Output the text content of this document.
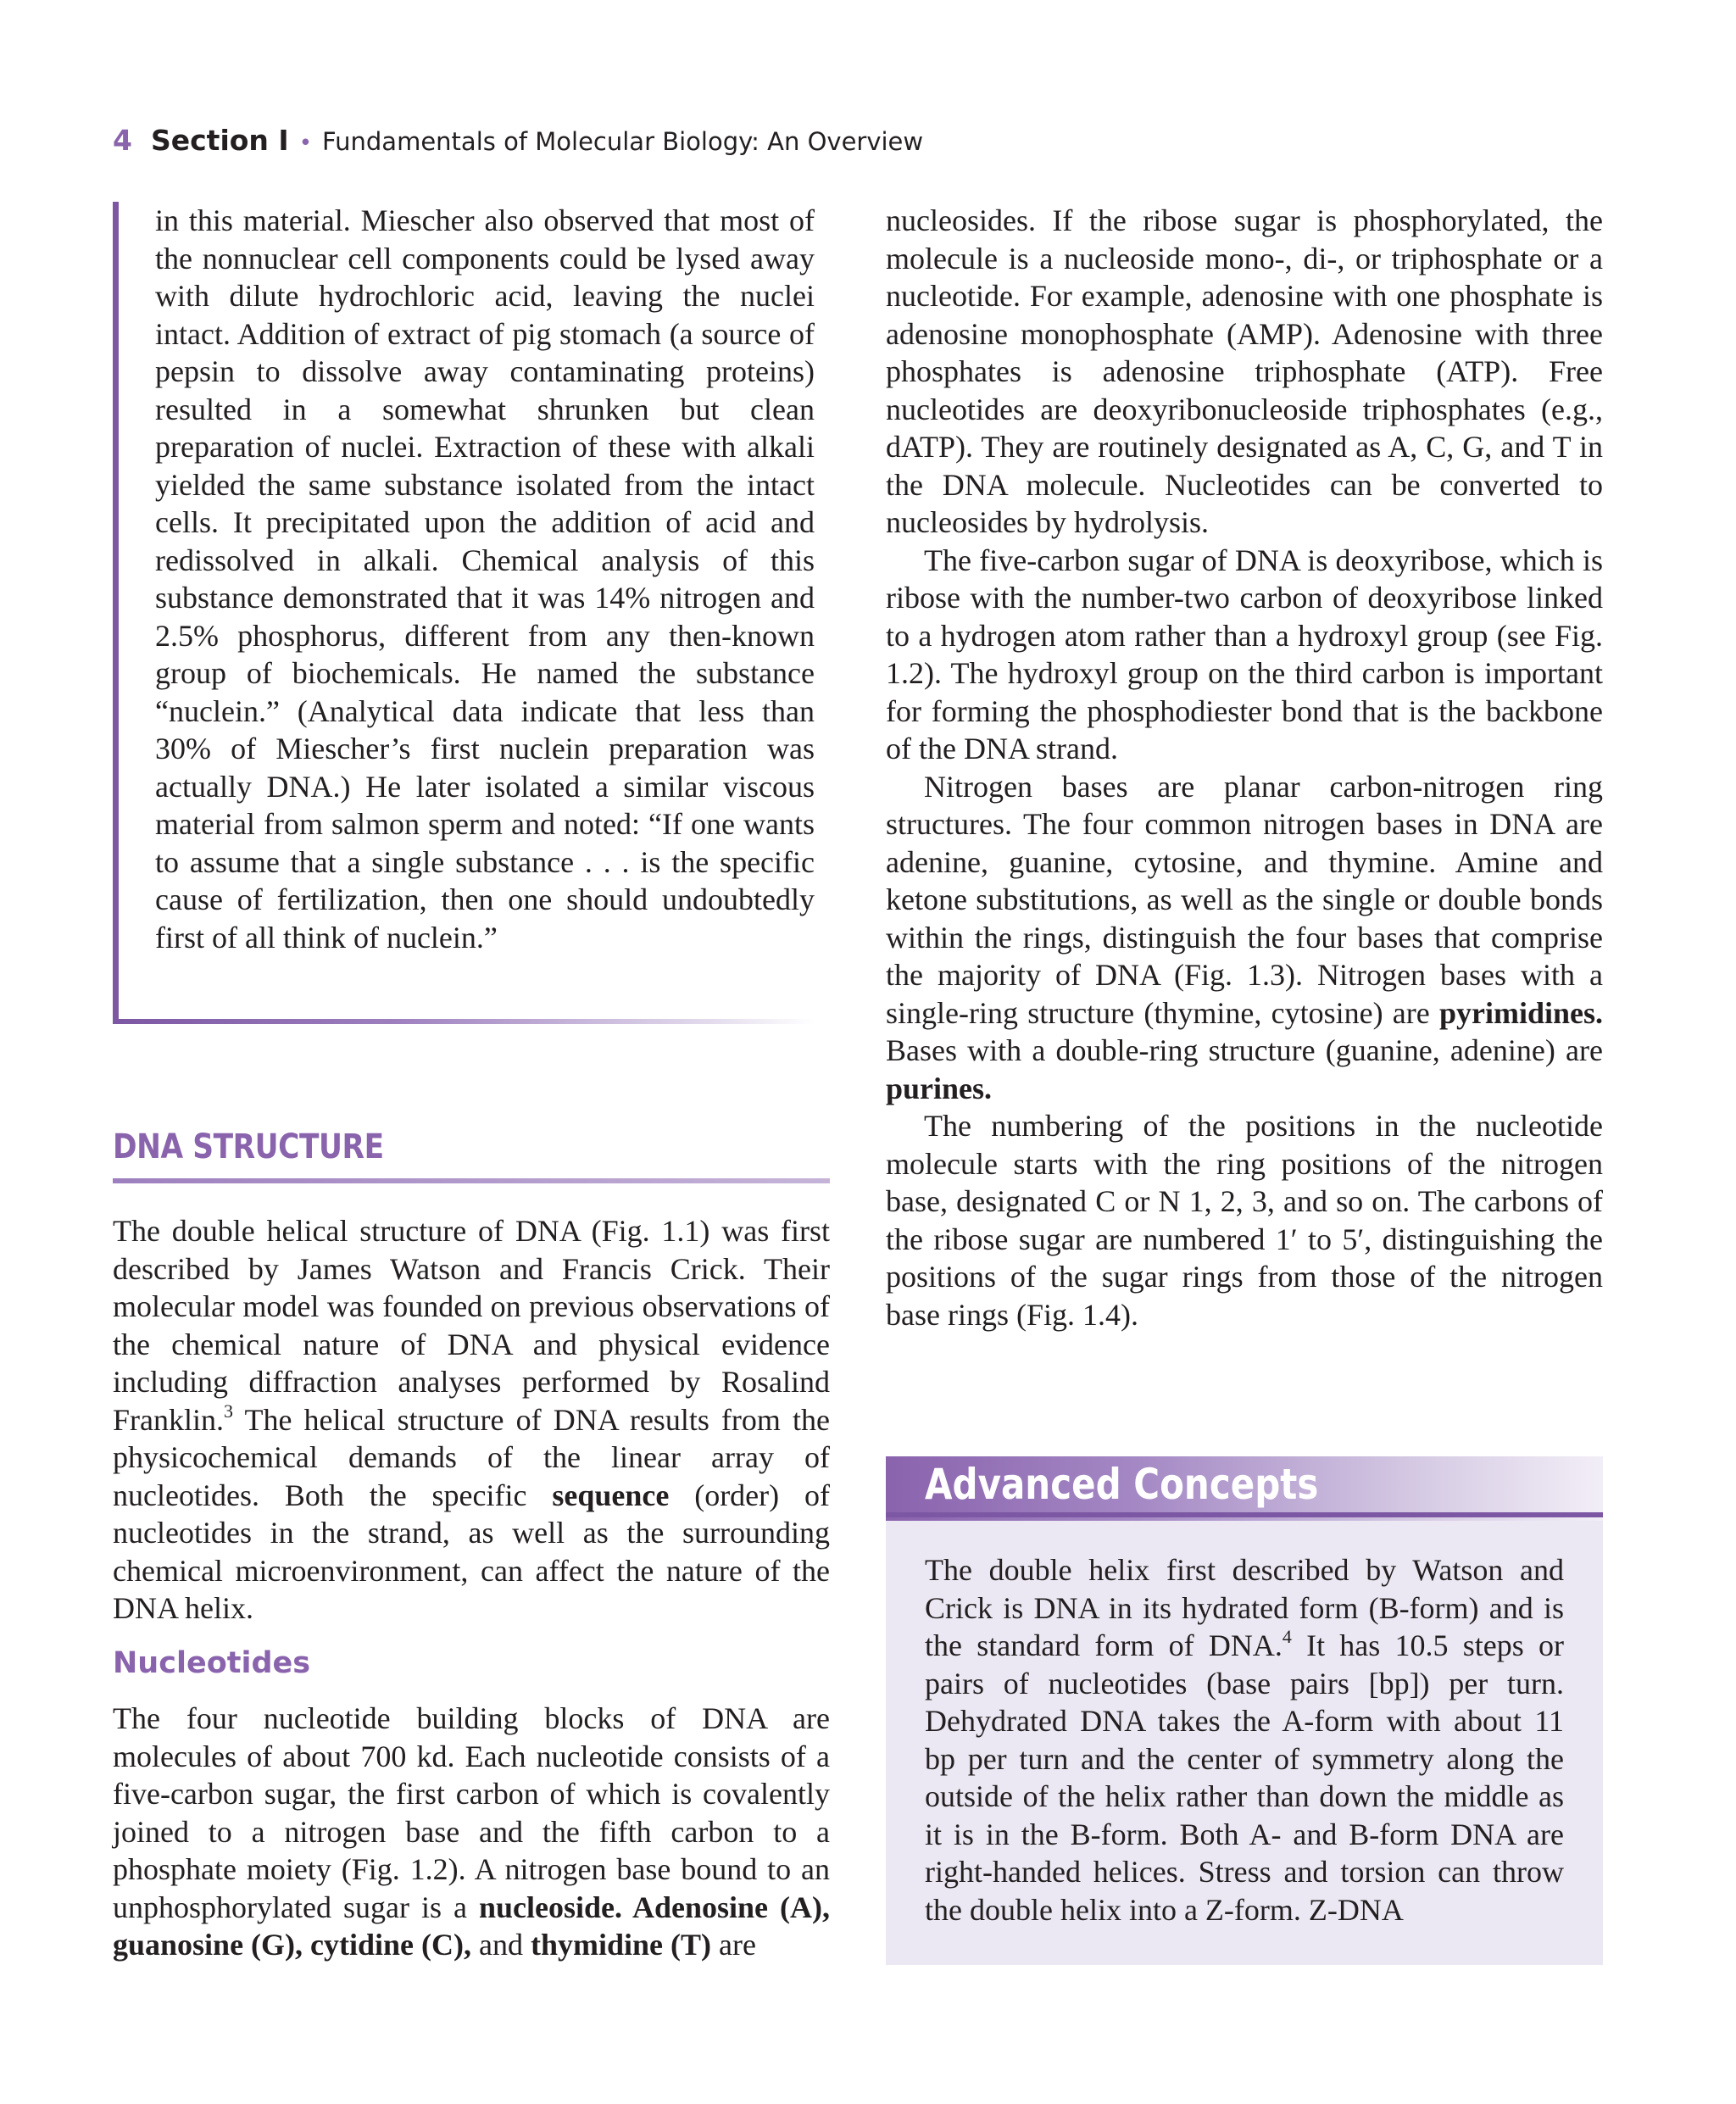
4 Section I • Fundamentals of Molecular Biology: An Overview

in this material. Miescher also observed that most of the nonnuclear cell components could be lysed away with dilute hydrochloric acid, leaving the nuclei intact. Addition of extract of pig stomach (a source of pepsin to dissolve away contaminating proteins) resulted in a somewhat shrunken but clean preparation of nuclei. Extraction of these with alkali yielded the same substance isolated from the intact cells. It precipitated upon the addition of acid and redissolved in alkali. Chemical analysis of this substance demonstrated that it was 14% nitrogen and 2.5% phosphorus, different from any then-known group of biochemicals. He named the substance “nuclein.” (Analytical data indicate that less than 30% of Miescher’s first nuclein preparation was actually DNA.) He later isolated a similar viscous material from salmon sperm and noted: “If one wants to assume that a single substance . . . is the specific cause of fertilization, then one should undoubtedly first of all think of nuclein.”

DNA STRUCTURE

The double helical structure of DNA (Fig. 1.1) was first described by James Watson and Francis Crick. Their molecular model was founded on previous observations of the chemical nature of DNA and physical evidence including diffraction analyses performed by Rosalind Franklin.$^3$ The helical structure of DNA results from the physicochemical demands of the linear array of nucleotides. Both the specific sequence (order) of nucleotides in the strand, as well as the surrounding chemical microenvironment, can affect the nature of the DNA helix.

Nucleotides

The four nucleotide building blocks of DNA are molecules of about 700 kd. Each nucleotide consists of a five-carbon sugar, the first carbon of which is covalently joined to a nitrogen base and the fifth carbon to a phosphate moiety (Fig. 1.2). A nitrogen base bound to an unphosphorylated sugar is a nucleoside. Adenosine (A), guanosine (G), cytidine (C), and thymidine (T) are

nucleosides. If the ribose sugar is phosphorylated, the molecule is a nucleoside mono-, di-, or triphosphate or a nucleotide. For example, adenosine with one phosphate is adenosine monophosphate (AMP). Adenosine with three phosphates is adenosine triphosphate (ATP). Free nucleotides are deoxyribonucleoside triphosphates (e.g., dATP). They are routinely designated as A, C, G, and T in the DNA molecule. Nucleotides can be converted to nucleosides by hydrolysis.

The five-carbon sugar of DNA is deoxyribose, which is ribose with the number-two carbon of deoxyribose linked to a hydrogen atom rather than a hydroxyl group (see Fig. 1.2). The hydroxyl group on the third carbon is important for forming the phosphodiester bond that is the backbone of the DNA strand.

Nitrogen bases are planar carbon-nitrogen ring structures. The four common nitrogen bases in DNA are adenine, guanine, cytosine, and thymine. Amine and ketone substitutions, as well as the single or double bonds within the rings, distinguish the four bases that comprise the majority of DNA (Fig. 1.3). Nitrogen bases with a single-ring structure (thymine, cytosine) are pyrimidines. Bases with a double-ring structure (guanine, adenine) are purines.

The numbering of the positions in the nucleotide molecule starts with the ring positions of the nitrogen base, designated C or N 1, 2, 3, and so on. The carbons of the ribose sugar are numbered 1′ to 5′, distinguishing the positions of the sugar rings from those of the nitrogen base rings (Fig. 1.4).

Advanced Concepts

The double helix first described by Watson and Crick is DNA in its hydrated form (B-form) and is the standard form of DNA.$^4$ It has 10.5 steps or pairs of nucleotides (base pairs [bp]) per turn. Dehydrated DNA takes the A-form with about 11 bp per turn and the center of symmetry along the outside of the helix rather than down the middle as it is in the B-form. Both A- and B-form DNA are right-handed helices. Stress and torsion can throw the double helix into a Z-form. Z-DNA
